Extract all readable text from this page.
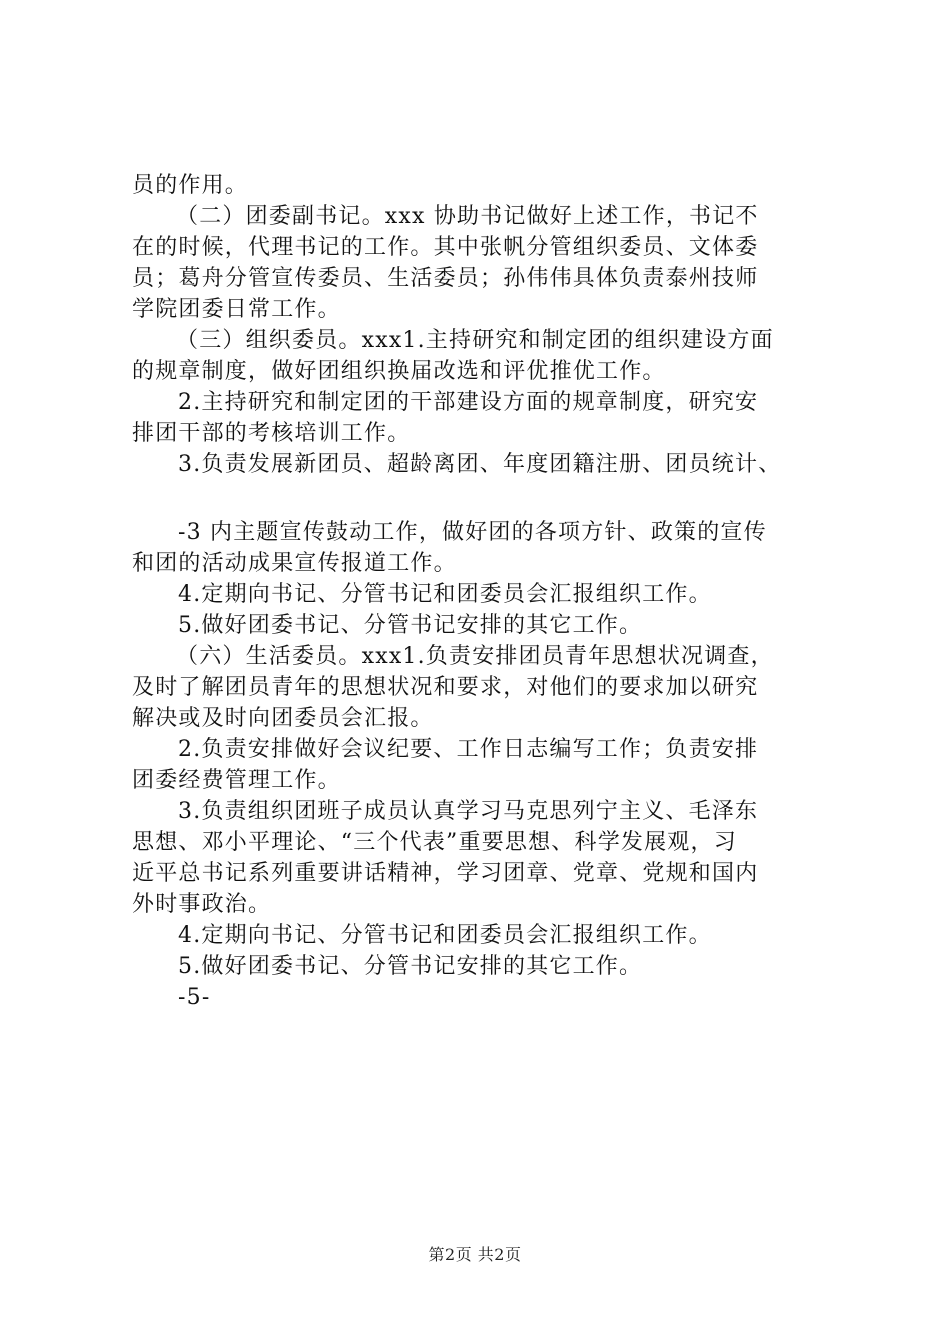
员的作用。
（二）团委副书记。xxx 协助书记做好上述工作，书记不
在的时候，代理书记的工作。其中张帆分管组织委员、文体委
员；葛舟分管宣传委员、生活委员；孙伟伟具体负责泰州技师
学院团委日常工作。
（三）组织委员。xxx1.主持研究和制定团的组织建设方面
的规章制度，做好团组织换届改选和评优推优工作。
2.主持研究和制定团的干部建设方面的规章制度，研究安
排团干部的考核培训工作。
3.负责发展新团员、超龄离团、年度团籍注册、团员统计、
-3 内主题宣传鼓动工作，做好团的各项方针、政策的宣传
和团的活动成果宣传报道工作。
4.定期向书记、分管书记和团委员会汇报组织工作。
5.做好团委书记、分管书记安排的其它工作。
（六）生活委员。xxx1.负责安排团员青年思想状况调查，
及时了解团员青年的思想状况和要求，对他们的要求加以研究
解决或及时向团委员会汇报。
2.负责安排做好会议纪要、工作日志编写工作；负责安排
团委经费管理工作。
3.负责组织团班子成员认真学习马克思列宁主义、毛泽东
思想、邓小平理论、“三个代表”重要思想、科学发展观，习
近平总书记系列重要讲话精神，学习团章、党章、党规和国内
外时事政治。
4.定期向书记、分管书记和团委员会汇报组织工作。
5.做好团委书记、分管书记安排的其它工作。
-5-
第2页 共2页
